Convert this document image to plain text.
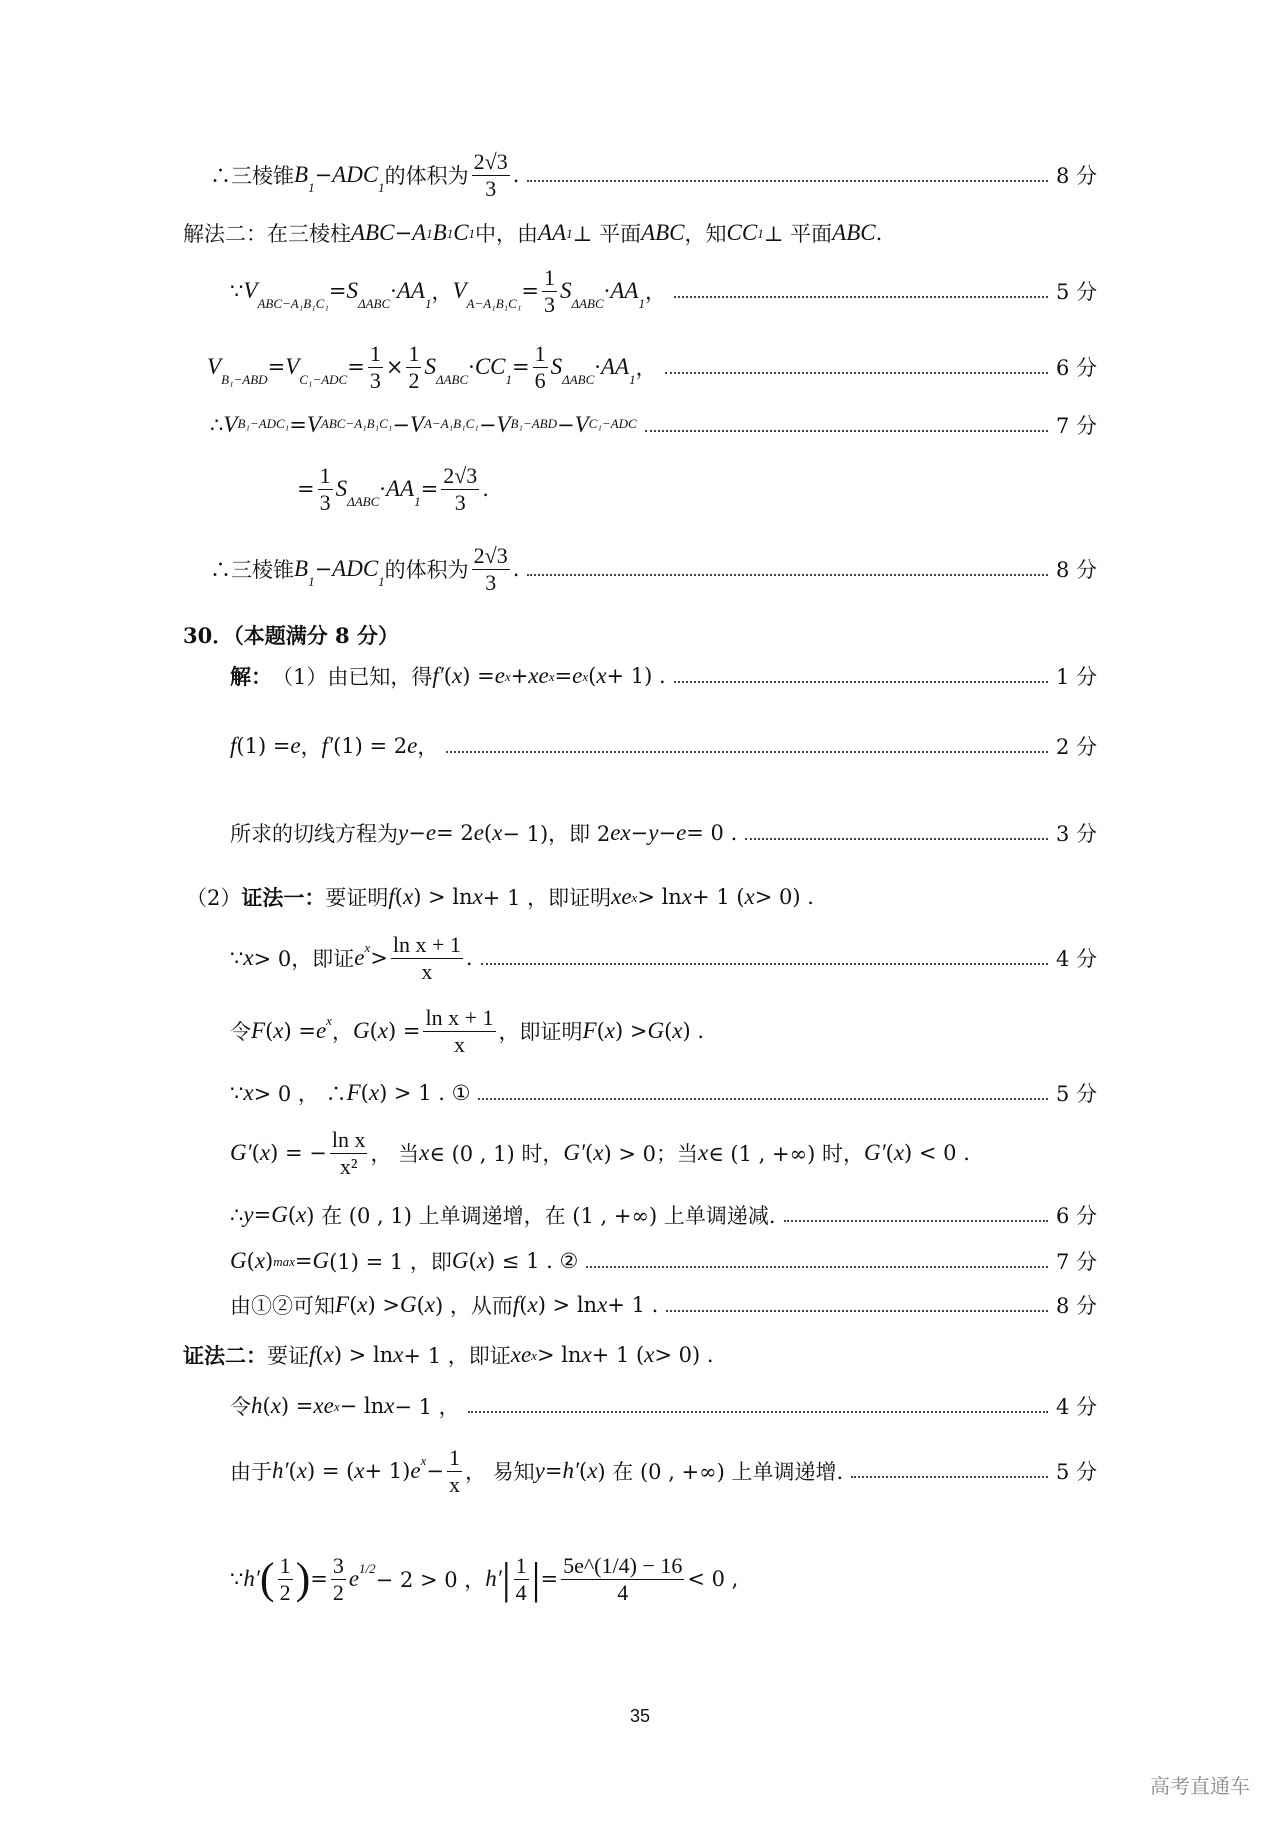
∴三棱锥 B 1 − ADC 1 的体积为 $\frac{2√3}{3}$ .	8 分
解法二：在三棱柱 ABC − A 1 B 1 C 1 中，由 AA 1 ⊥ 平面 ABC ，知 CC 1 ⊥ 平面 ABC .
∵ V ABC−A₁B₁C₁ = S ΔABC · AA 1 ， V $A-A_1B_1C_1 = \frac{1}{3}$ S ΔABC · AA 1 ，	5 分
V B₁−ABD = V $C_1-ADC = \frac{1}{3} \times \frac{1}{2}$ S ΔABC · CC $1 = \frac{1}{6}$ S ΔABC · AA 1 ，	6 分
∴ V B₁−ADC₁ = V ABC−A₁B₁C₁ − V A−A₁B₁C₁ − V B₁−ABD − V C₁−ADC	7 分
= $\frac{1}{3}$ S ΔABC · AA $1 = \frac{2√3}{3}$ .
∴三棱锥 B 1 − ADC 1 的体积为 $\frac{2√3}{3}$ .	8 分
30．（本题满分 8 分）
解： （1）由已知，得 f′ ( x ) = e x + xe x = e x ( x + 1) .	1 分
f (1) = e ， f′ (1) = 2 e ，	2 分
所求的切线方程为 y − e = 2 e ( x − 1)，即 2 ex − y − e = 0 .	3 分
（2） 证法一： 要证明 f ( x ) > ln x + 1 ，即证明 xe x > ln x + 1 ( x > 0) .
∵ x > 0，即证 e $x > \frac{\text{ln x + 1}}{x}$ .	4 分
令 F ( x ) = e x ， G ( x ) = $\frac{\text{ln x + 1}}{x}$ ，即证明 F ( x ) > G ( x ) .
∵ x > 0 ， ∴ F ( x ) > 1 . ①	5 分
G′ ( x ) = − $\frac{\text{ln x}}{\text{x²}}$ ， 当 x ∈ (0 , 1) 时， G′ ( x ) > 0；当 x ∈ (1 , +∞) 时， G′ ( x ) < 0 .
∴ y = G ( x ) 在 (0 , 1) 上单调递增，在 (1 , +∞) 上单调递减.	6 分
G ( x ) max = G (1) = 1 ，即 G ( x ) ≤ 1 . ②	7 分
由①②可知 F ( x ) > G ( x ) ，从而 f ( x ) > ln x + 1 .	8 分
证法二： 要证 f ( x ) > ln x + 1 ，即证 xe x > ln x + 1 ( x > 0) .
令 h ( x ) = xe x − ln x − 1 ，	4 分
由于 h′ ( x ) = ( x + 1) e $x - \frac{1}{x}$ ， 易知 y = h′ ( x ) 在 (0 , +∞) 上单调递增.	5 分
∵ h′ ( $\frac{1}{2}$ ) = $\frac{3}{2}$ e 1/2 − 2 > 0 ， h′ | $\frac{1}{4}$ | = $\frac{5e\^{}(1/4) - 16}{4} < 0$ ,
35
高考直通车
